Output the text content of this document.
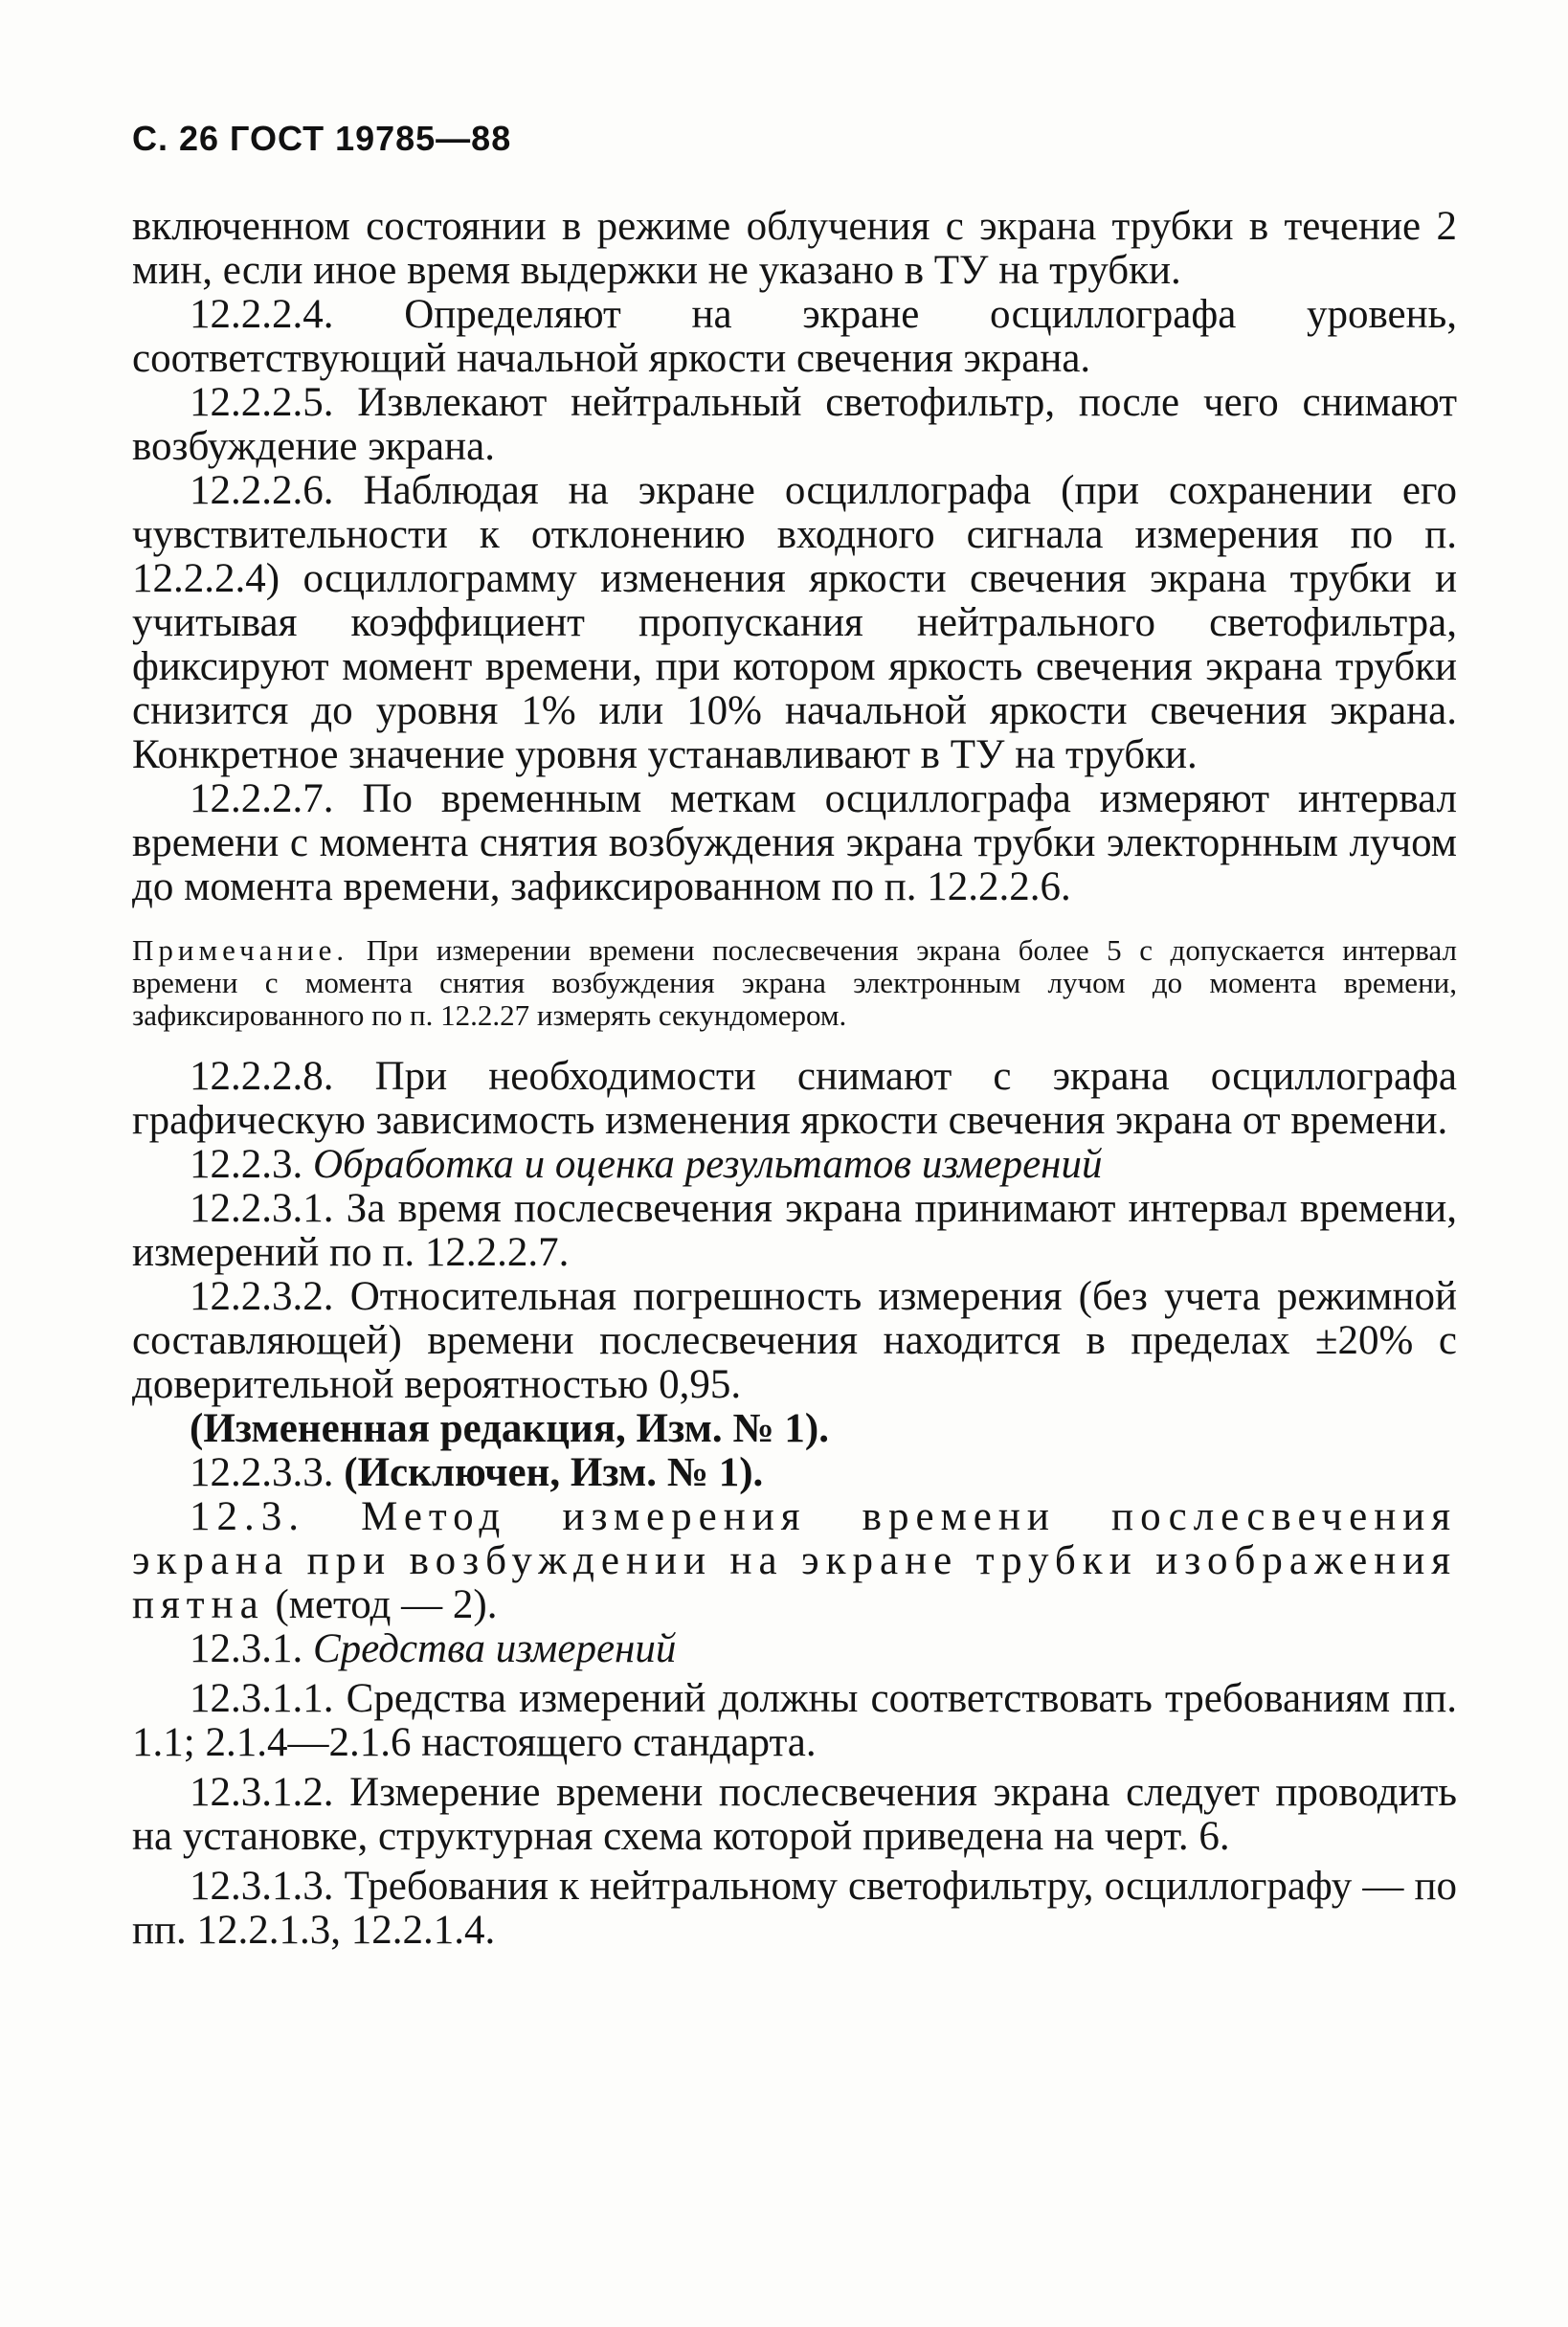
С. 26 ГОСТ 19785—88

включенном состоянии в режиме облучения с экрана трубки в течение 2 мин, если иное время выдержки не указано в ТУ на трубки.

12.2.2.4. Определяют на экране осциллографа уровень, соответствующий начальной яркости свечения экрана.

12.2.2.5. Извлекают нейтральный светофильтр, после чего снимают возбуждение экрана.

12.2.2.6. Наблюдая на экране осциллографа (при сохранении его чувствительности к отклонению входного сигнала измерения по п. 12.2.2.4) осциллограмму изменения яркости свечения экрана трубки и учитывая коэффициент пропускания нейтрального светофильтра, фиксируют момент времени, при котором яркость свечения экрана трубки снизится до уровня 1% или 10% начальной яркости свечения экрана. Конкретное значение уровня устанавливают в ТУ на трубки.

12.2.2.7. По временным меткам осциллографа измеряют интервал времени с момента снятия возбуждения экрана трубки электорнным лучом до момента времени, зафиксированном по п. 12.2.2.6.

Примечание. При измерении времени послесвечения экрана более 5 с допускается интервал времени с момента снятия возбуждения экрана электронным лучом до момента времени, зафиксированного по п. 12.2.27 измерять секундомером.

12.2.2.8. При необходимости снимают с экрана осциллографа графическую зависимость изменения яркости свечения экрана от времени.

12.2.3. Обработка и оценка результатов измерений

12.2.3.1. За время послесвечения экрана принимают интервал времени, измерений по п. 12.2.2.7.

12.2.3.2. Относительная погрешность измерения (без учета режимной составляющей) времени послесвечения находится в пределах ±20% с доверительной вероятностью 0,95.

(Измененная редакция, Изм. № 1).

12.2.3.3. (Исключен, Изм. № 1).

12.3. Метод измерения времени послесвечения экрана при возбуждении на экране трубки изображения пятна (метод — 2).

12.3.1. Средства измерений

12.3.1.1. Средства измерений должны соответствовать требованиям пп. 1.1; 2.1.4—2.1.6 настоящего стандарта.

12.3.1.2. Измерение времени послесвечения экрана следует проводить на установке, структурная схема которой приведена на черт. 6.

12.3.1.3. Требования к нейтральному светофильтру, осциллографу — по пп. 12.2.1.3, 12.2.1.4.
